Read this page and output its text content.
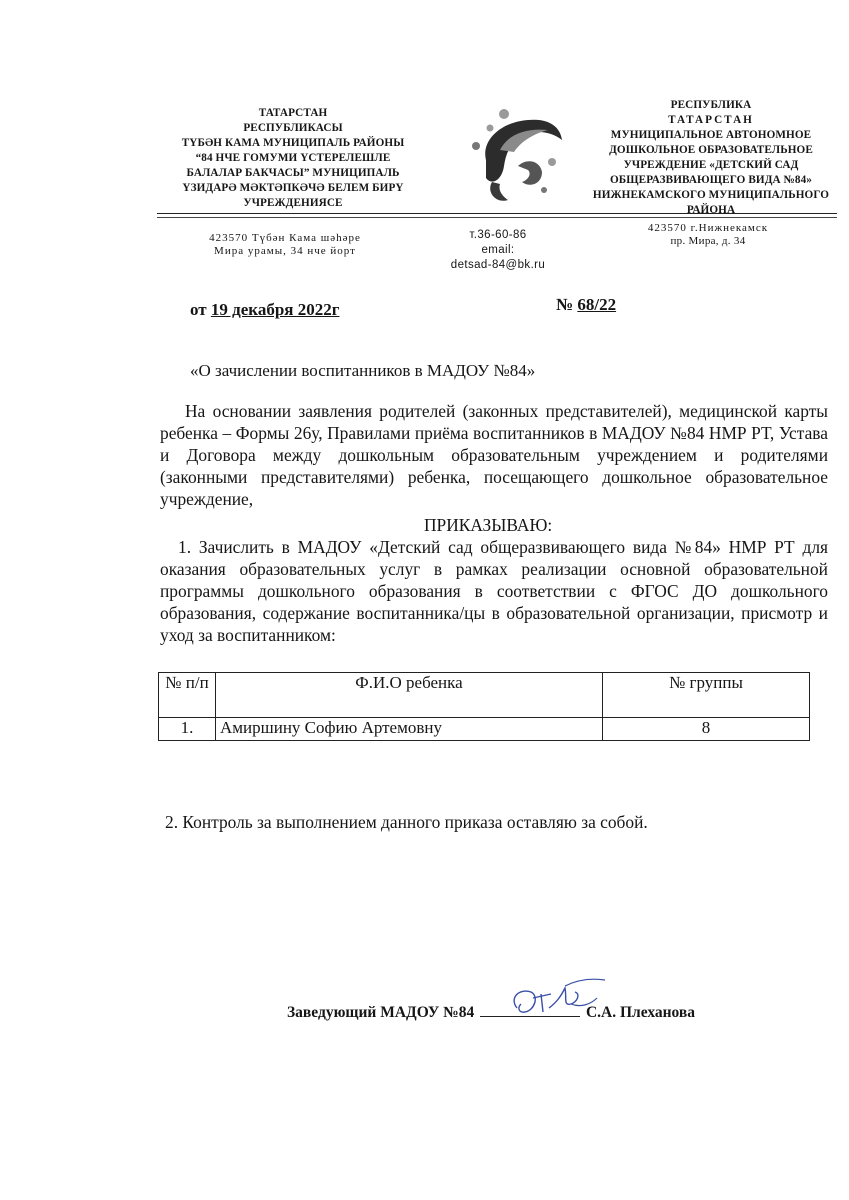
ТАТАРСТАН
РЕСПУБЛИКАСЫ
ТҮБӘН КАМА МУНИЦИПАЛЬ РАЙОНЫ
“84 НЧЕ ГОМУМИ ҮСТЕРЕЛЕШЛЕ
БАЛАЛАР БАКЧАСЫ” МУНИЦИПАЛЬ
ҮЗИДАРӘ МӘКТӘПКӘЧӘ БЕЛЕМ БИРҮ
УЧРЕЖДЕНИЯСЕ
РЕСПУБЛИКА
ТАТАРСТАН
МУНИЦИПАЛЬНОЕ АВТОНОМНОЕ
ДОШКОЛЬНОЕ ОБРАЗОВАТЕЛЬНОЕ
УЧРЕЖДЕНИЕ «ДЕТСКИЙ САД
ОБЩЕРАЗВИВАЮЩЕГО ВИДА №84»
НИЖНЕКАМСКОГО МУНИЦИПАЛЬНОГО
РАЙОНА
423570 Түбән Кама шәһәре
Мира урамы, 34 нче йорт
т.36-60-86
email:
detsad-84@bk.ru
423570 г.Нижнекамск
пр. Мира, д. 34
от 19 декабря 2022г	№ 68/22
«О зачислении воспитанников в МАДОУ №84»
На основании заявления родителей (законных представителей), медицинской карты ребенка – Формы 26у, Правилами приёма воспитанников в МАДОУ №84 НМР РТ, Устава и Договора между дошкольным образовательным учреждением и родителями (законными представителями) ребенка, посещающего дошкольное образовательное учреждение,
ПРИКАЗЫВАЮ:
1. Зачислить в МАДОУ «Детский сад общеразвивающего вида №84» НМР РТ для оказания образовательных услуг в рамках реализации основной образовательной программы дошкольного образования в соответствии с ФГОС ДО дошкольного образования, содержание воспитанника/цы в образовательной организации, присмотр и уход за воспитанником:
№ п/п	Ф.И.О ребенка	№ группы
1.	Амиршину Софию Артемовну	8
2. Контроль за выполнением данного приказа оставляю за собой.
Заведующий МАДОУ №84	С.А. Плеханова
